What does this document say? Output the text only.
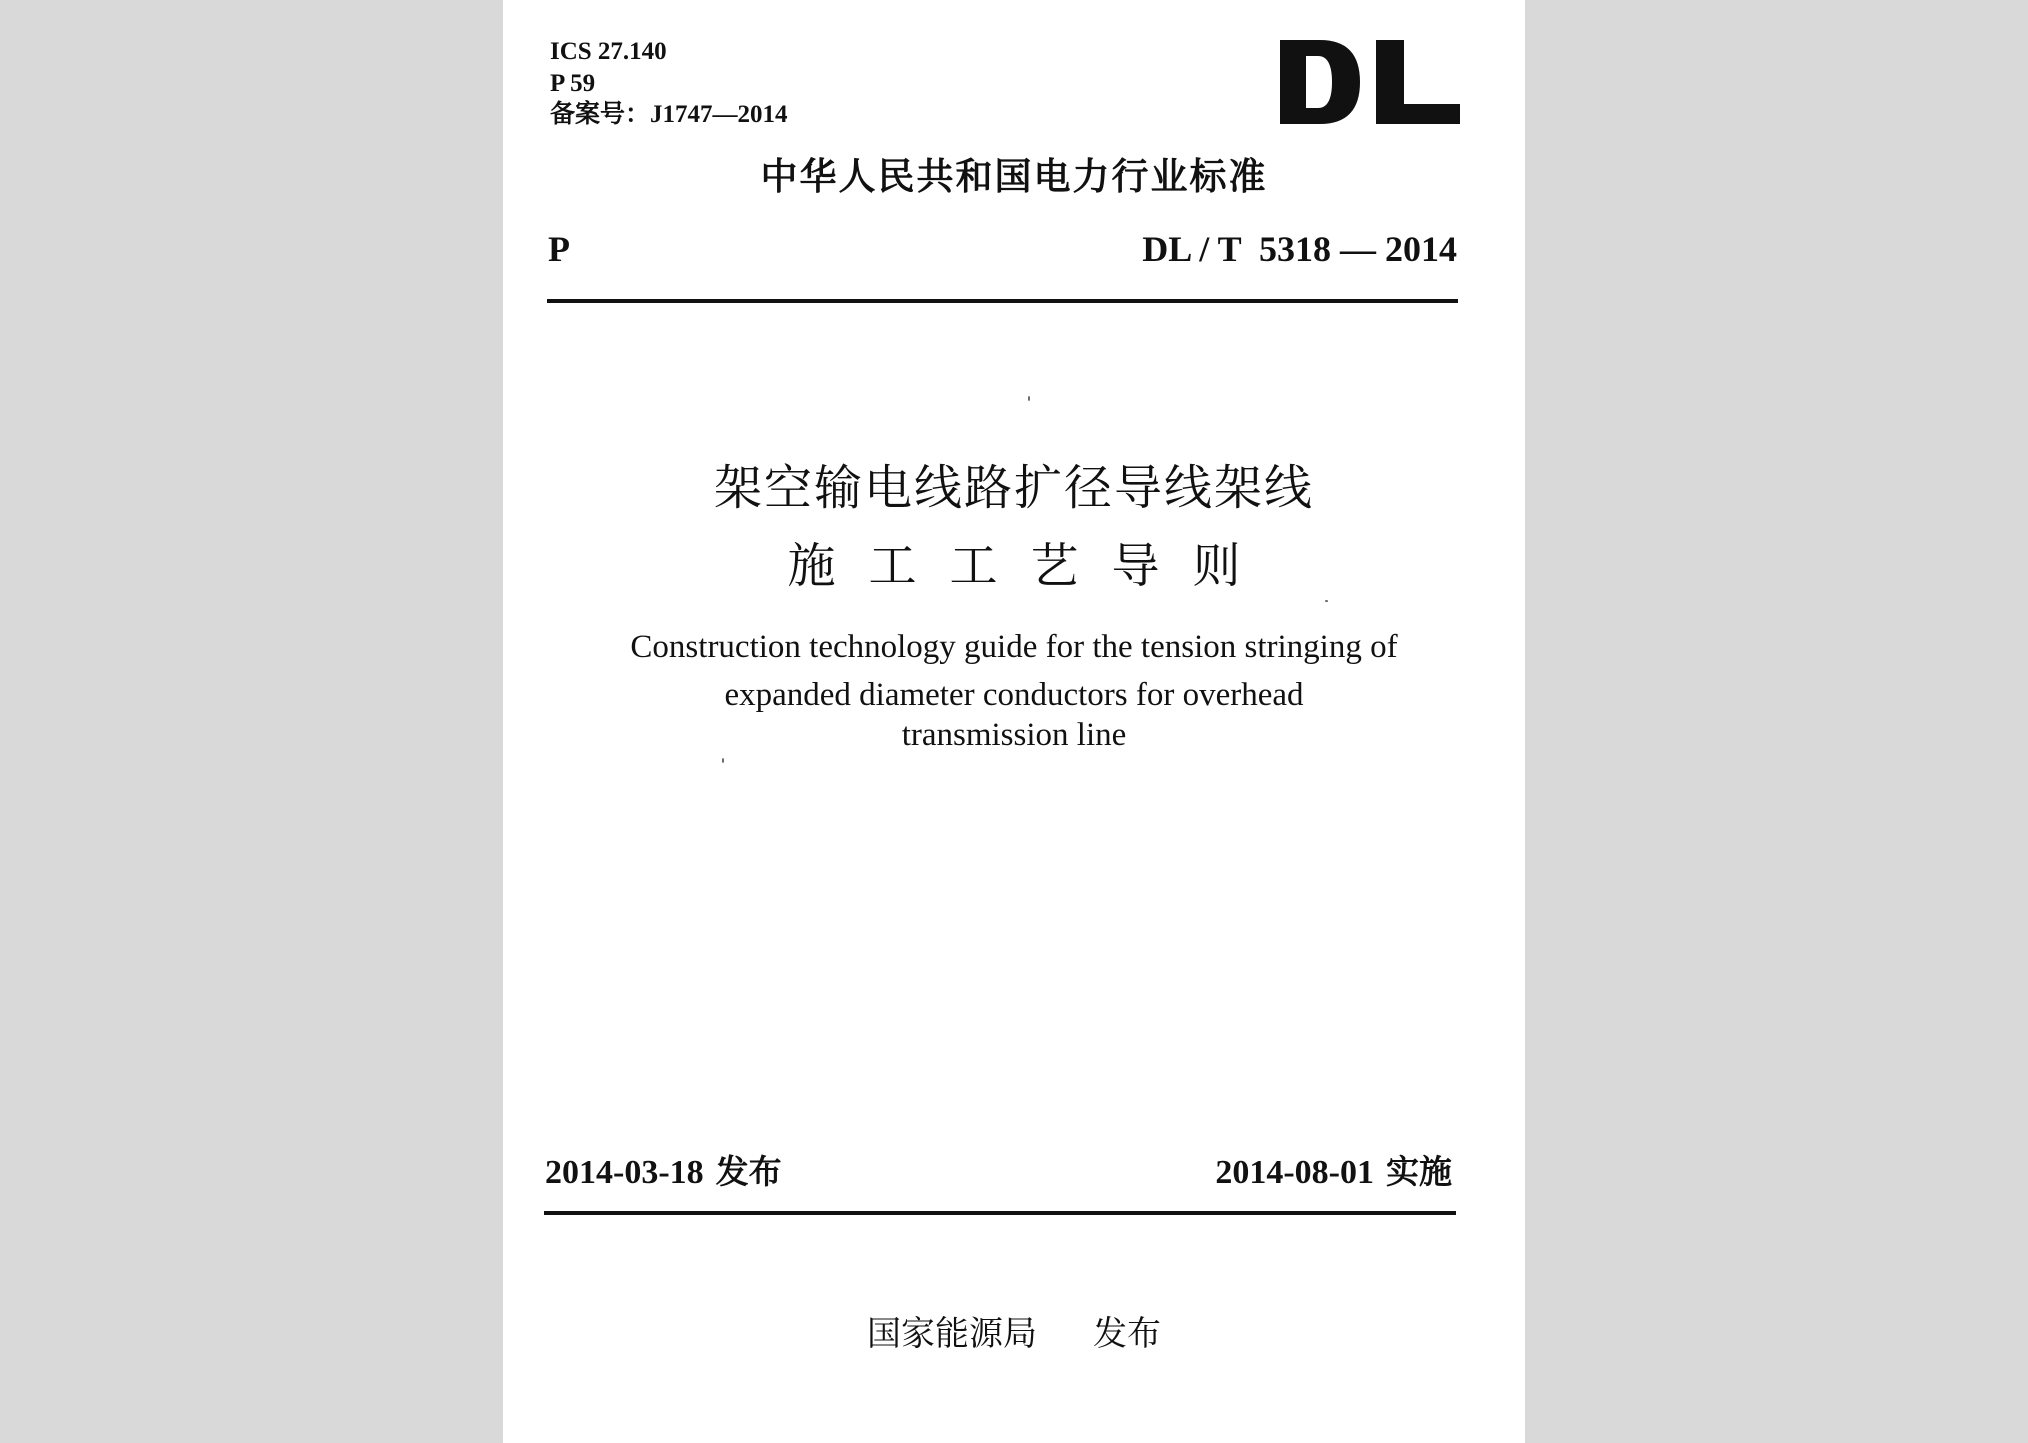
ICS 27.140
P 59
备案号：J1747—2014
中华人民共和国电力行业标准
P	DL / T  5318 — 2014
架空输电线路扩径导线架线
施工工艺导则
Construction technology guide for the tension stringing of
expanded diameter conductors for overhead
transmission line
2014-03-18 发布	2014-08-01 实施
国家能源局 发布
